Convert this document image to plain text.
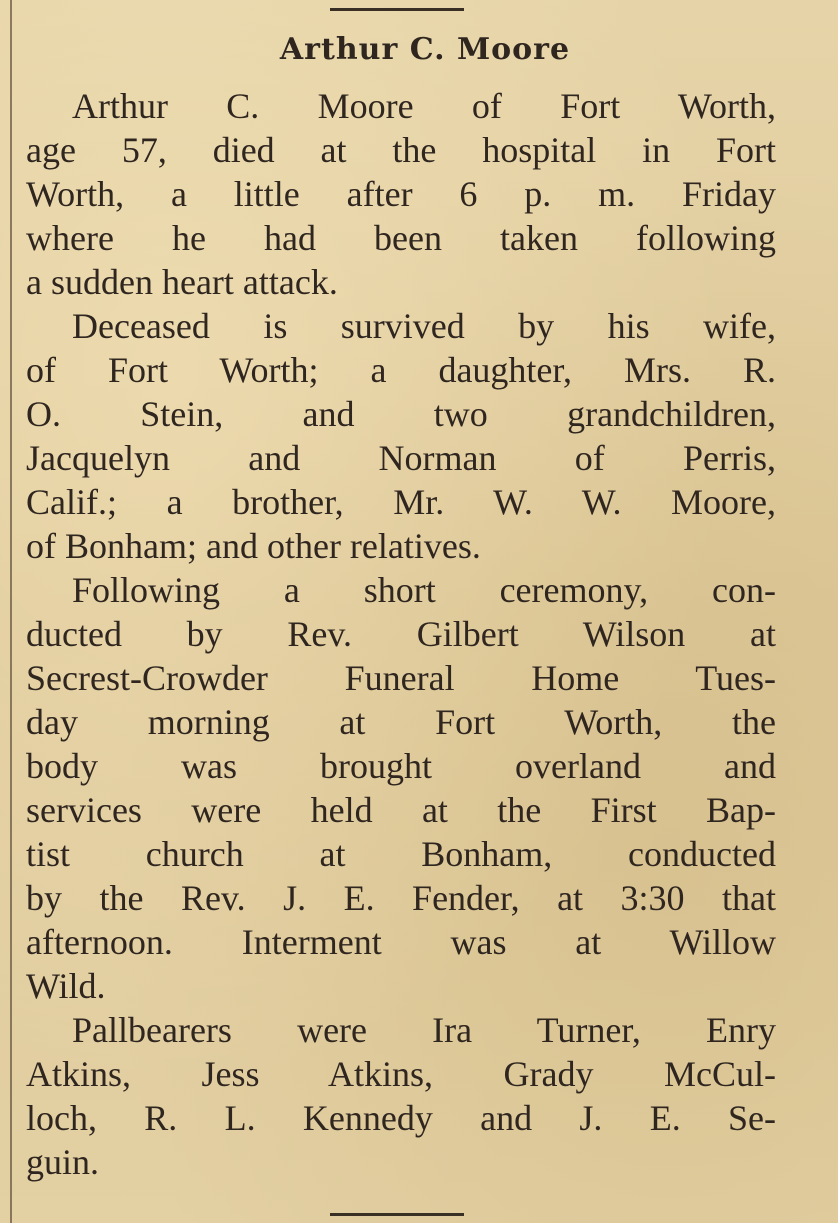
Arthur C. Moore
Arthur C. Moore of Fort Worth,
age 57, died at the hospital in Fort
Worth, a little after 6 p. m. Friday
where he had been taken following
a sudden heart attack.
Deceased is survived by his wife,
of Fort Worth; a daughter, Mrs. R.
O. Stein, and two grandchildren,
Jacquelyn and Norman of Perris,
Calif.; a brother, Mr. W. W. Moore,
of Bonham; and other relatives.
Following a short ceremony, con-
ducted by Rev. Gilbert Wilson at
Secrest-Crowder Funeral Home Tues-
day morning at Fort Worth, the
body was brought overland and
services were held at the First Bap-
tist church at Bonham, conducted
by the Rev. J. E. Fender, at 3:30 that
afternoon. Interment was at Willow
Wild.
Pallbearers were Ira Turner, Enry
Atkins, Jess Atkins, Grady McCul-
loch, R. L. Kennedy and J. E. Se-
guin.
